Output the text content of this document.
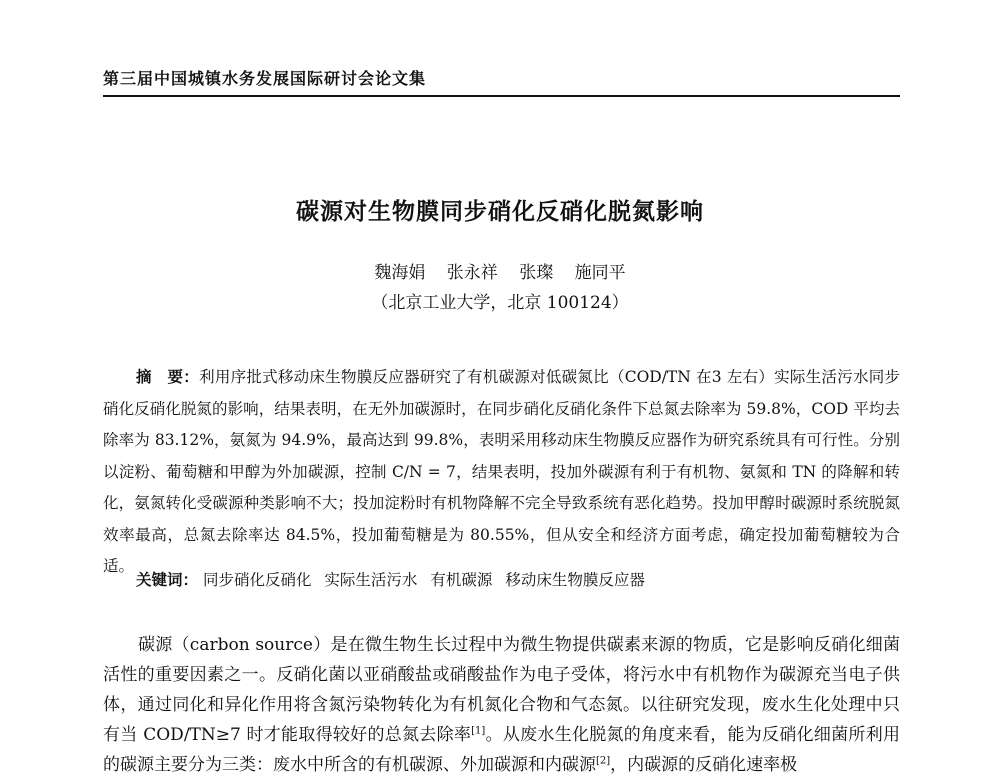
第三届中国城镇水务发展国际研讨会论文集
碳源对生物膜同步硝化反硝化脱氮影响
魏海娟 张永祥 张璨 施同平
（北京工业大学，北京 100124）
摘　要：利用序批式移动床生物膜反应器研究了有机碳源对低碳氮比（COD/TN 在3 左右）实际生活污水同步硝化反硝化脱氮的影响，结果表明，在无外加碳源时，在同步硝化反硝化条件下总氮去除率为 59.8%，COD 平均去除率为 83.12%，氨氮为 94.9%，最高达到 99.8%，表明采用移动床生物膜反应器作为研究系统具有可行性。分别以淀粉、葡萄糖和甲醇为外加碳源，控制 C/N = 7，结果表明，投加外碳源有利于有机物、氨氮和 TN 的降解和转化，氨氮转化受碳源种类影响不大；投加淀粉时有机物降解不完全导致系统有恶化趋势。投加甲醇时碳源时系统脱氮效率最高，总氮去除率达 84.5%，投加葡萄糖是为 80.55%，但从安全和经济方面考虑，确定投加葡萄糖较为合适。
关键词： 同步硝化反硝化 实际生活污水 有机碳源 移动床生物膜反应器
碳源（carbon source）是在微生物生长过程中为微生物提供碳素来源的物质，它是影响反硝化细菌活性的重要因素之一。反硝化菌以亚硝酸盐或硝酸盐作为电子受体，将污水中有机物作为碳源充当电子供体，通过同化和异化作用将含氮污染物转化为有机氮化合物和气态氮。以往研究发现，废水生化处理中只有当 COD/TN≥7 时才能取得较好的总氮去除率[1]。从废水生化脱氮的角度来看，能为反硝化细菌所利用的碳源主要分为三类：废水中所含的有机碳源、外加碳源和内碳源[2]，内碳源的反硝化速率极
